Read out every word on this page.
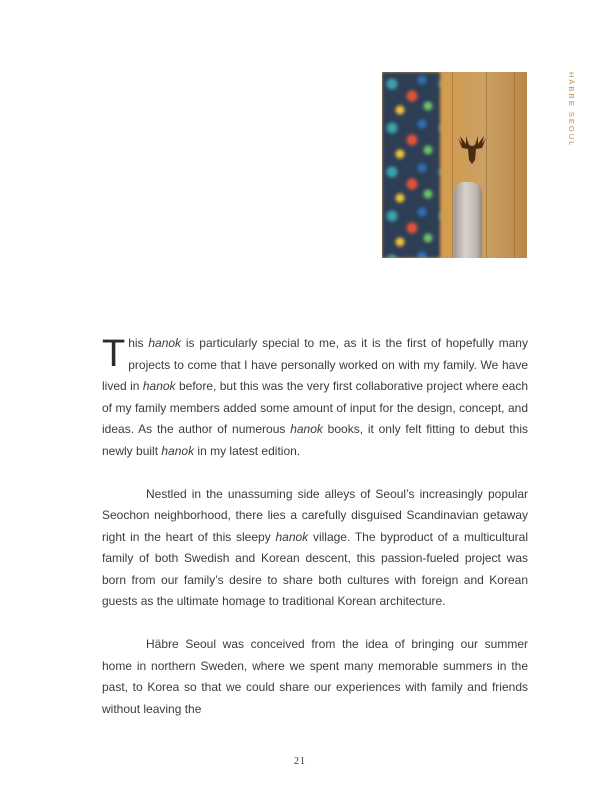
HÄBRE SEOUL

This hanok is particularly special to me, as it is the first of hopefully many projects to come that I have personally worked on with my family. We have lived in hanok before, but this was the very first collaborative project where each of my family members added some amount of input for the design, concept, and ideas. As the author of numerous hanok books, it only felt fitting to debut this newly built hanok in my latest edition.

Nestled in the unassuming side alleys of Seoul’s increasingly popular Seochon neighborhood, there lies a carefully disguised Scandinavian getaway right in the heart of this sleepy hanok village. The byproduct of a multicultural family of both Swedish and Korean descent, this passion-fueled project was born from our family’s desire to share both cultures with foreign and Korean guests as the ultimate homage to traditional Korean architecture.

Häbre Seoul was conceived from the idea of bringing our summer home in northern Sweden, where we spent many memorable summers in the past, to Korea so that we could share our experiences with family and friends without leaving the

21
